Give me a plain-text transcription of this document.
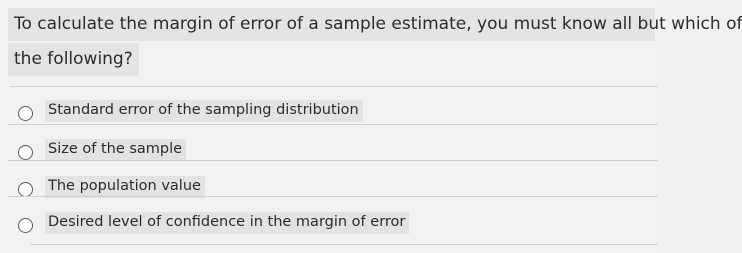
To calculate the margin of error of a sample estimate, you must know all but which of
the following?
Standard error of the sampling distribution
Size of the sample
The population value
Desired level of confidence in the margin of error
